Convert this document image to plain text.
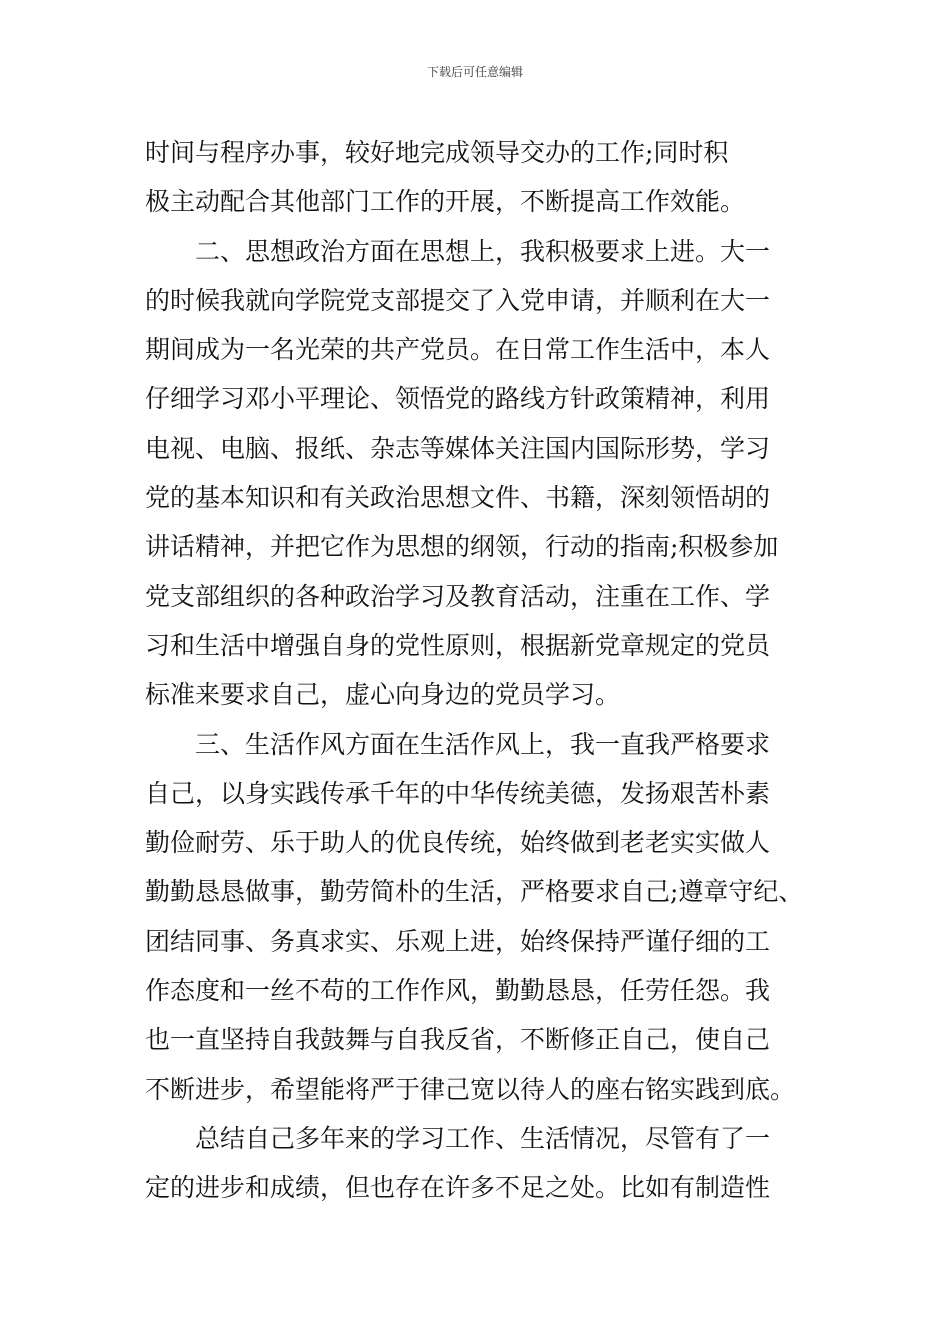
下载后可任意编辑
时间与程序办事，较好地完成领导交办的工作;同时积
极主动配合其他部门工作的开展，不断提高工作效能。
二、思想政治方面在思想上，我积极要求上进。大一
的时候我就向学院党支部提交了入党申请，并顺利在大一
期间成为一名光荣的共产党员。在日常工作生活中，本人
仔细学习邓小平理论、领悟党的路线方针政策精神，利用
电视、电脑、报纸、杂志等媒体关注国内国际形势，学习
党的基本知识和有关政治思想文件、书籍，深刻领悟胡的
讲话精神，并把它作为思想的纲领，行动的指南;积极参加
党支部组织的各种政治学习及教育活动，注重在工作、学
习和生活中增强自身的党性原则，根据新党章规定的党员
标准来要求自己，虚心向身边的党员学习。
三、生活作风方面在生活作风上，我一直我严格要求
自己，以身实践传承千年的中华传统美德，发扬艰苦朴素
勤俭耐劳、乐于助人的优良传统，始终做到老老实实做人
勤勤恳恳做事，勤劳简朴的生活，严格要求自己;遵章守纪、
团结同事、务真求实、乐观上进，始终保持严谨仔细的工
作态度和一丝不苟的工作作风，勤勤恳恳，任劳任怨。我
也一直坚持自我鼓舞与自我反省，不断修正自己，使自己
不断进步，希望能将严于律己宽以待人的座右铭实践到底。
总结自己多年来的学习工作、生活情况，尽管有了一
定的进步和成绩，但也存在许多不足之处。比如有制造性
